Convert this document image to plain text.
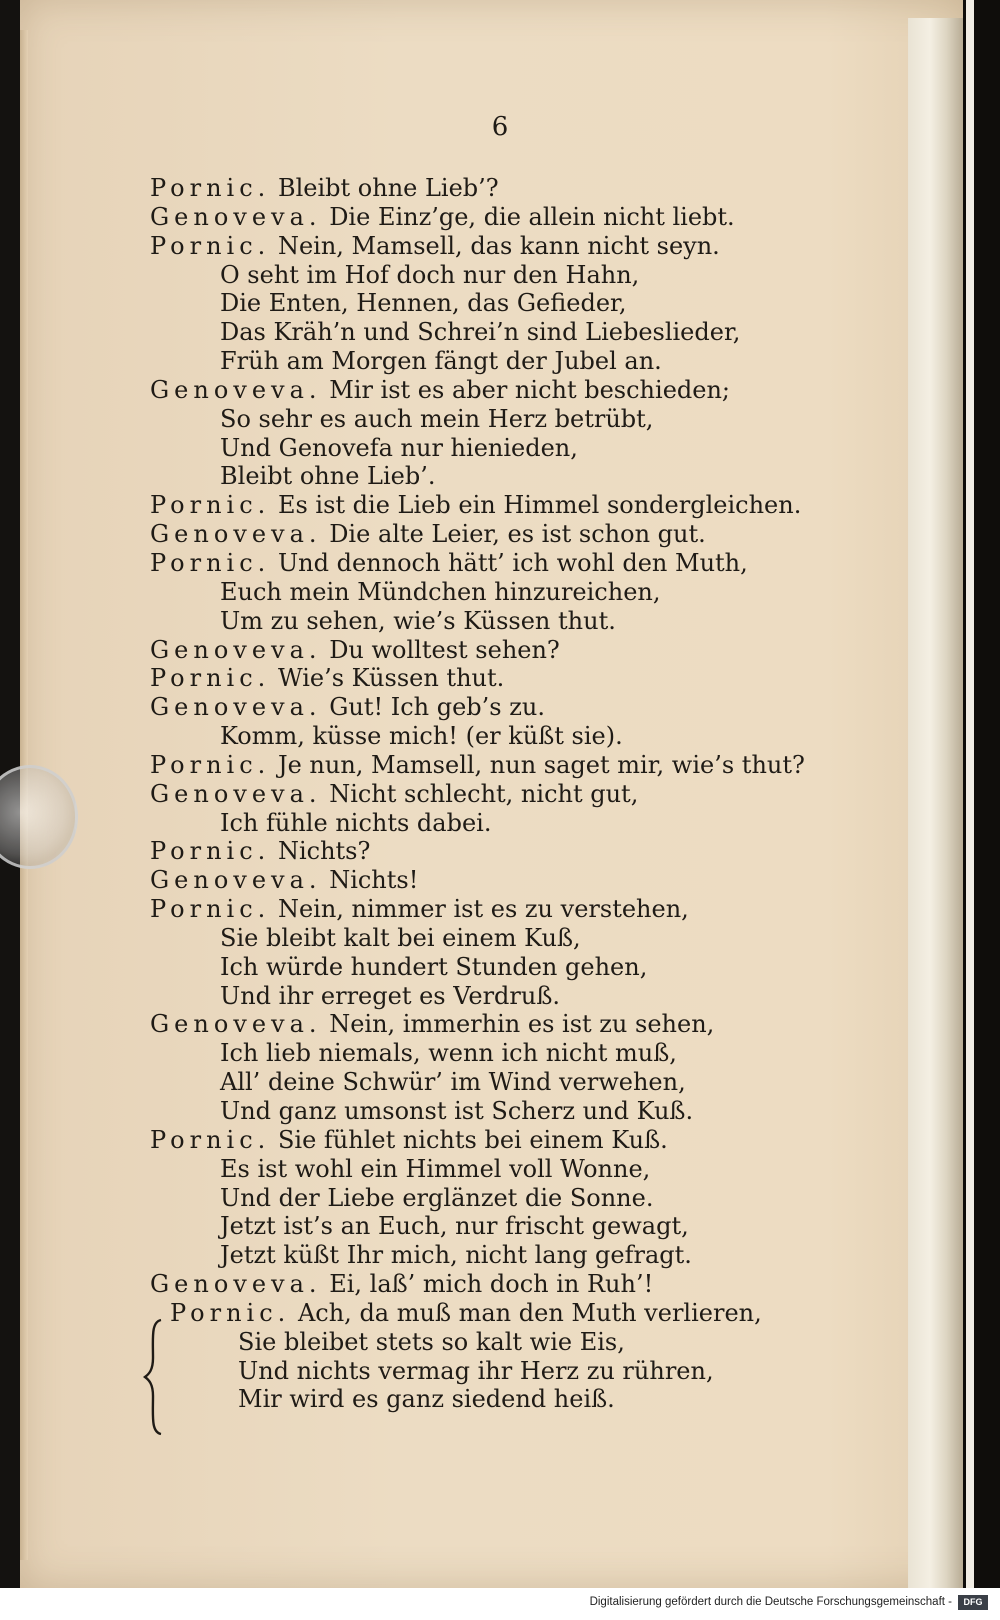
6
Pornic. Bleibt ohne Lieb’?
Genoveva. Die Einz’ge, die allein nicht liebt.
Pornic. Nein, Mamsell, das kann nicht seyn.
O seht im Hof doch nur den Hahn,
Die Enten, Hennen, das Gefieder,
Das Kräh’n und Schrei’n sind Liebeslieder,
Früh am Morgen fängt der Jubel an.
Genoveva. Mir ist es aber nicht beschieden;
So sehr es auch mein Herz betrübt,
Und Genovefa nur hienieden,
Bleibt ohne Lieb’.
Pornic. Es ist die Lieb ein Himmel sondergleichen.
Genoveva. Die alte Leier, es ist schon gut.
Pornic. Und dennoch hätt’ ich wohl den Muth,
Euch mein Mündchen hinzureichen,
Um zu sehen, wie’s Küssen thut.
Genoveva. Du wolltest sehen?
Pornic. Wie’s Küssen thut.
Genoveva. Gut! Ich geb’s zu.
Komm, küsse mich! (er küßt sie).
Pornic. Je nun, Mamsell, nun saget mir, wie’s thut?
Genoveva. Nicht schlecht, nicht gut,
Ich fühle nichts dabei.
Pornic. Nichts?
Genoveva. Nichts!
Pornic. Nein, nimmer ist es zu verstehen,
Sie bleibt kalt bei einem Kuß,
Ich würde hundert Stunden gehen,
Und ihr erreget es Verdruß.
Genoveva. Nein, immerhin es ist zu sehen,
Ich lieb niemals, wenn ich nicht muß,
All’ deine Schwür’ im Wind verwehen,
Und ganz umsonst ist Scherz und Kuß.
Pornic. Sie fühlet nichts bei einem Kuß.
Es ist wohl ein Himmel voll Wonne,
Und der Liebe erglänzet die Sonne.
Jetzt ist’s an Euch, nur frischt gewagt,
Jetzt küßt Ihr mich, nicht lang gefragt.
Genoveva. Ei, laß’ mich doch in Ruh’!
Pornic. Ach, da muß man den Muth verlieren,
Sie bleibet stets so kalt wie Eis,
Und nichts vermag ihr Herz zu rühren,
Mir wird es ganz siedend heiß.
Digitalisierung gefördert durch die Deutsche Forschungsgemeinschaft -	DFG
